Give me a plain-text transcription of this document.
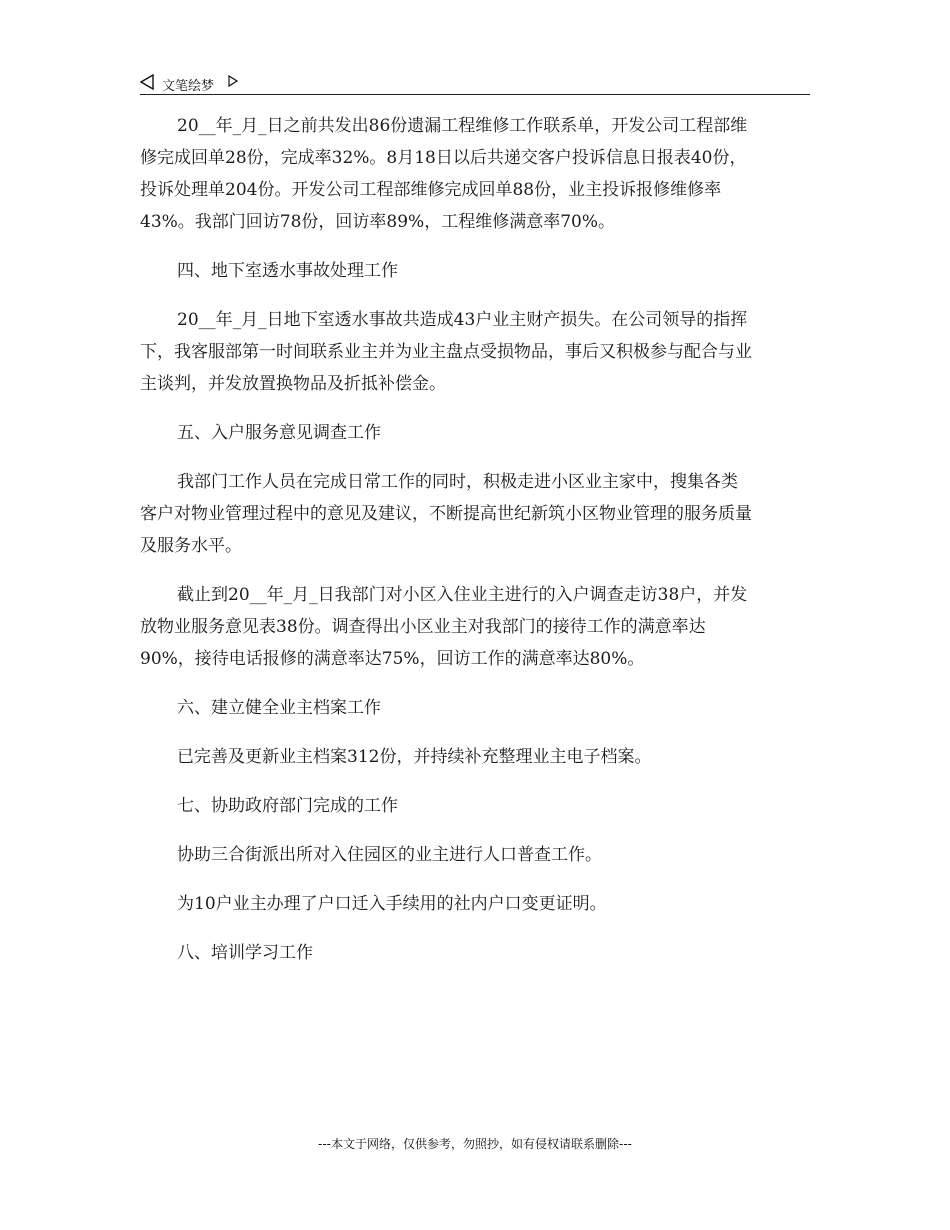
文笔绘梦
20__年_月_日之前共发出86份遗漏工程维修工作联系单，开发公司工程部维
修完成回单28份，完成率32%。8月18日以后共递交客户投诉信息日报表40份，
投诉处理单204份。开发公司工程部维修完成回单88份，业主投诉报修维修率
43%。我部门回访78份，回访率89%，工程维修满意率70%。
四、地下室透水事故处理工作
20__年_月_日地下室透水事故共造成43户业主财产损失。在公司领导的指挥
下，我客服部第一时间联系业主并为业主盘点受损物品，事后又积极参与配合与业
主谈判，并发放置换物品及折抵补偿金。
五、入户服务意见调查工作
我部门工作人员在完成日常工作的同时，积极走进小区业主家中，搜集各类
客户对物业管理过程中的意见及建议，不断提高世纪新筑小区物业管理的服务质量
及服务水平。
截止到20__年_月_日我部门对小区入住业主进行的入户调查走访38户，并发
放物业服务意见表38份。调查得出小区业主对我部门的接待工作的满意率达
90%，接待电话报修的满意率达75%，回访工作的满意率达80%。
六、建立健全业主档案工作
已完善及更新业主档案312份，并持续补充整理业主电子档案。
七、协助政府部门完成的工作
协助三合街派出所对入住园区的业主进行人口普查工作。
为10户业主办理了户口迁入手续用的社内户口变更证明。
八、培训学习工作
---本文于网络，仅供参考，勿照抄，如有侵权请联系删除---
